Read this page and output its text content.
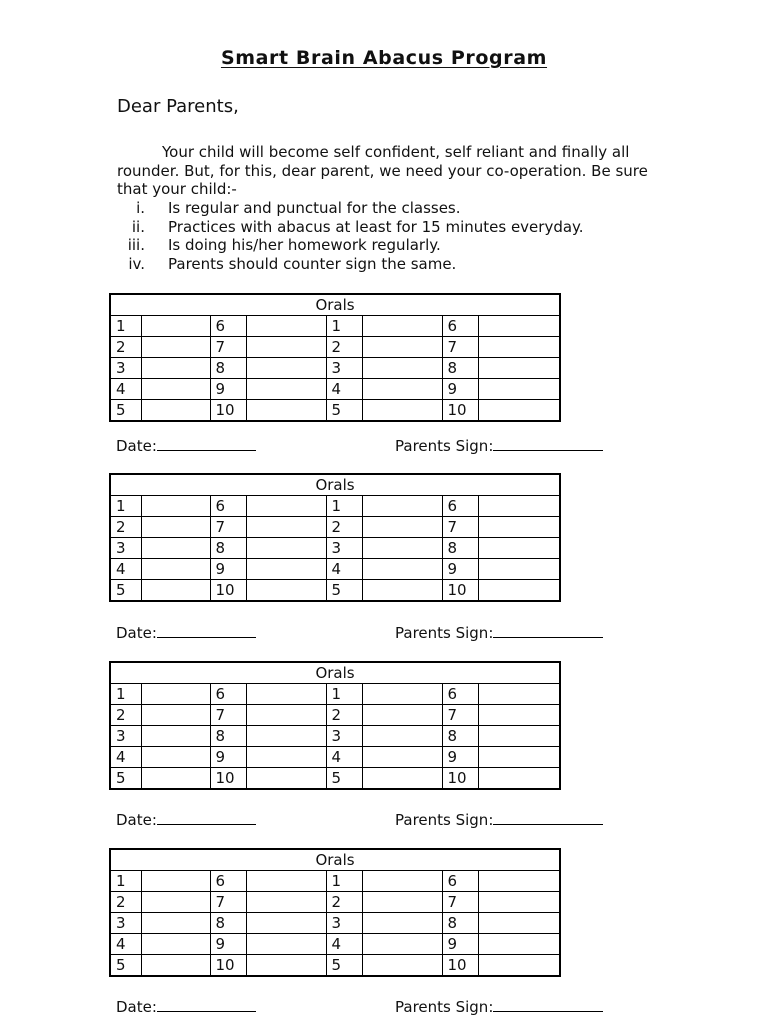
Smart Brain Abacus Program
Dear Parents,

Your child will become self confident, self reliant and finally all rounder. But, for this, dear parent, we need your co-operation. Be sure that your child:-

i. Is regular and punctual for the classes.
ii. Practices with abacus at least for 15 minutes everyday.
iii. Is doing his/her homework regularly.
iv. Parents should counter sign the same.
Orals							
1		6		1		6	
2		7		2		7	
3		8		3		8	
4		9		4		9	
5		10		5		10	
Date:	Parents Sign:
Orals							
1		6		1		6	
2		7		2		7	
3		8		3		8	
4		9		4		9	
5		10		5		10	
Date:	Parents Sign:
Orals							
1		6		1		6	
2		7		2		7	
3		8		3		8	
4		9		4		9	
5		10		5		10	
Date:	Parents Sign:
Orals							
1		6		1		6	
2		7		2		7	
3		8		3		8	
4		9		4		9	
5		10		5		10	
Date:	Parents Sign:
